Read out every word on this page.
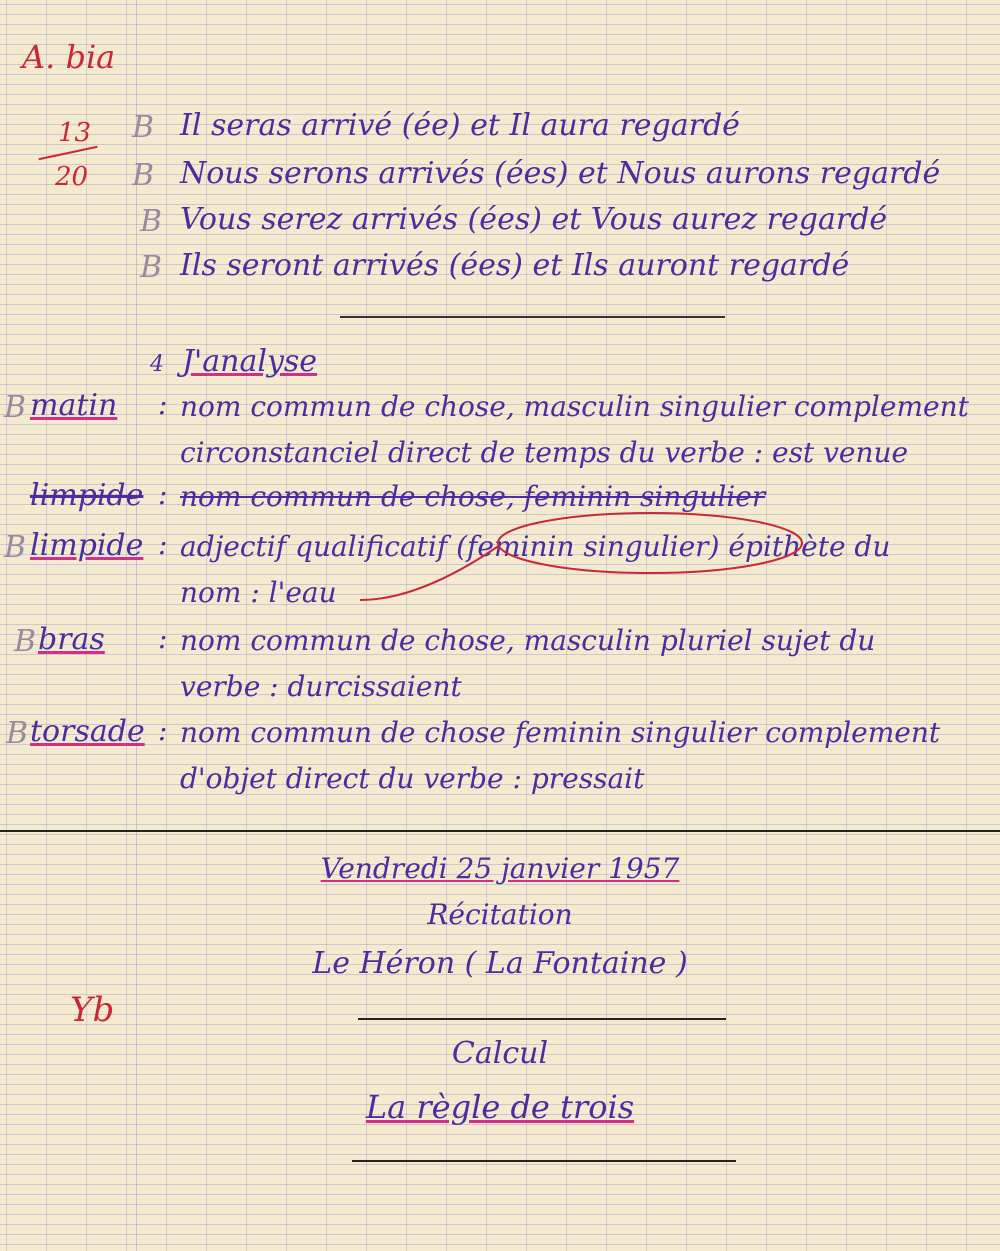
A. bia
13
20
B Il seras arrivé (ée) et Il aura regardé
B Nous serons arrivés (ées) et Nous aurons regardé
B Vous serez arrivés (ées) et Vous aurez regardé
B Ils seront arrivés (ées) et Ils auront regardé
4 J'analyse
B matin : nom commun de chose, masculin singulier complement
circonstanciel direct de temps du verbe : est venue
limpide : nom commun de chose, feminin singulier
B limpide : adjectif qualificatif (feminin singulier) épithète du
nom : l'eau
B bras : nom commun de chose, masculin pluriel sujet du
verbe : durcissaient
B torsade : nom commun de chose feminin singulier complement
d'objet direct du verbe : pressait
Vendredi 25 janvier 1957
Récitation
Le Héron ( La Fontaine )
Calcul
La règle de trois
Yb
